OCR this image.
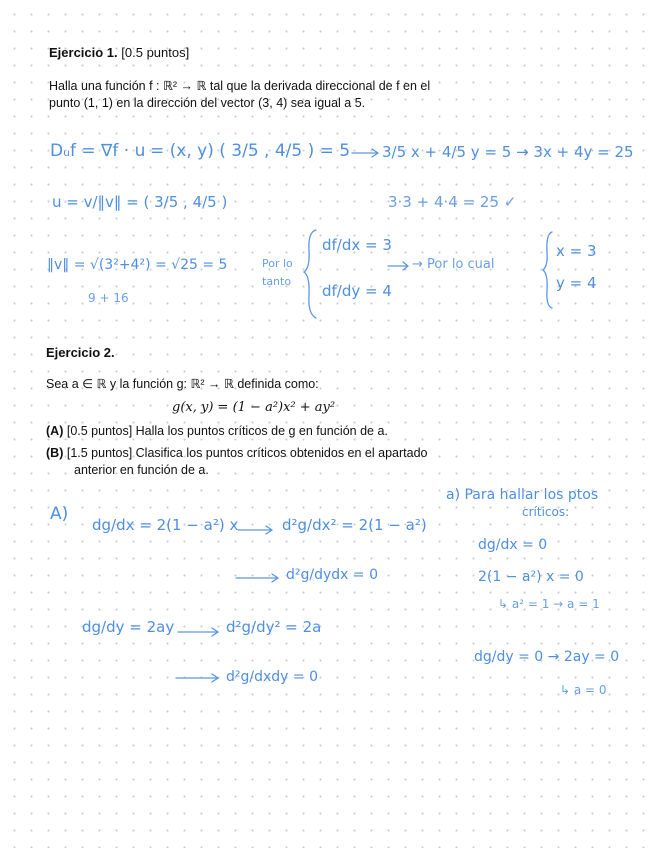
Ejercicio 1. [0.5 puntos]
Halla una función f : ℝ² → ℝ tal que la derivada direccional de f en el
punto (1, 1) en la dirección del vector (3, 4) sea igual a 5.
Dᵤf = ∇f · u = (x, y) ( 3/5 , 4/5 ) = 5 3/5 x + 4/5 y = 5 → 3x + 4y = 25
u = v/‖v‖ = ( 3/5 , 4/5 )	3·3 + 4·4 = 25 ✓
‖v‖ = √(3²+4²) = √25 = 5
9 + 16
Por lo
tanto
df/dx = 3
df/dy = 4
→ Por lo cual
x = 3
y = 4
Ejercicio 2.
Sea a ∈ ℝ y la función g: ℝ² → ℝ definida como:
g(x, y) = (1 − a²)x² + ay²
(A) [0.5 puntos] Halla los puntos críticos de g en función de a.
(B) [1.5 puntos] Clasifica los puntos críticos obtenidos en el apartado
anterior en función de a.
A)
dg/dx = 2(1 − a²) x	d²g/dx² = 2(1 − a²)
d²g/dydx = 0
dg/dy = 2ay	d²g/dy² = 2a
d²g/dxdy = 0
a) Para hallar los ptos
críticos:
dg/dx = 0
2(1 − a²) x = 0
↳ a² = 1 → a = 1
dg/dy = 0 → 2ay = 0
↳ a = 0
